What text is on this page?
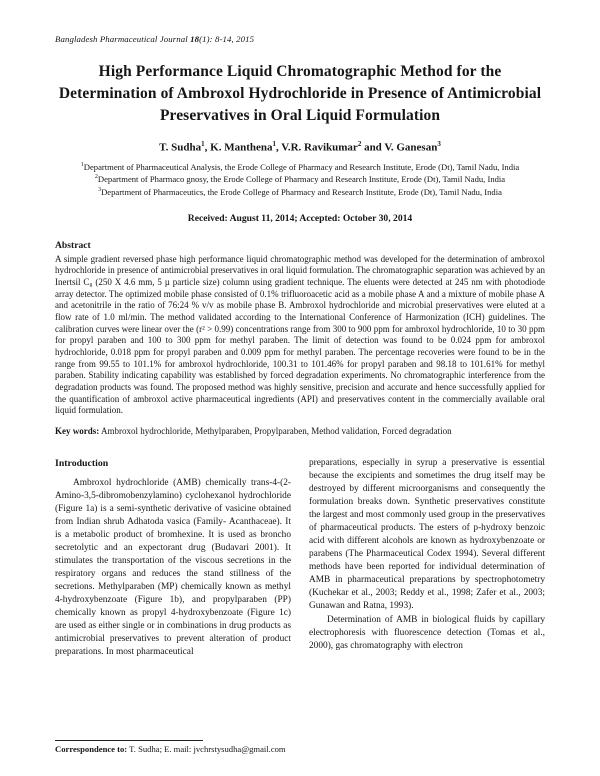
Bangladesh Pharmaceutical Journal 18(1): 8-14, 2015
High Performance Liquid Chromatographic Method for the Determination of Ambroxol Hydrochloride in Presence of Antimicrobial Preservatives in Oral Liquid Formulation
T. Sudha$^1$, K. Manthena$^1$, V.R. Ravikumar$^2$ and V. Ganesan$^3$
$^1$Department of Pharmaceutical Analysis, the Erode College of Pharmacy and Research Institute, Erode (Dt), Tamil Nadu, India
$^2$Department of Pharmaco gnosy, the Erode College of Pharmacy and Research Institute, Erode (Dt), Tamil Nadu, India
$^3$Department of Pharmaceutics, the Erode College of Pharmacy and Research Institute, Erode (Dt), Tamil Nadu, India
Received: August 11, 2014; Accepted: October 30, 2014
Abstract

A simple gradient reversed phase high performance liquid chromatographic method was developed for the determination of ambroxol hydrochloride in presence of antimicrobial preservatives in oral liquid formulation. The chromatographic separation was achieved by an Inertsil C₈ (250 X 4.6 mm, 5 µ particle size) column using gradient technique. The eluents were detected at 245 nm with photodiode array detector. The optimized mobile phase consisted of 0.1% trifluoroacetic acid as a mobile phase A and a mixture of mobile phase A and acetonitrile in the ratio of 76:24 % v/v as mobile phase B. Ambroxol hydrochloride and microbial preservatives were eluted at a flow rate of 1.0 ml/min. The method validated according to the International Conference of Harmonization (ICH) guidelines. The calibration curves were linear over the (r² > 0.99) concentrations range from 300 to 900 ppm for ambroxol hydrochloride, 10 to 30 ppm for propyl paraben and 100 to 300 ppm for methyl paraben. The limit of detection was found to be 0.024 ppm for ambroxol hydrochloride, 0.018 ppm for propyl paraben and 0.009 ppm for methyl paraben. The percentage recoveries were found to be in the range from 99.55 to 101.1% for ambroxol hydrochloride, 100.31 to 101.46% for propyl paraben and 98.18 to 101.61% for methyl paraben. Stability indicating capability was established by forced degradation experiments. No chromatographic interference from the degradation products was found. The proposed method was highly sensitive, precision and accurate and hence successfully applied for the quantification of ambroxol active pharmaceutical ingredients (API) and preservatives content in the commercially available oral liquid formulation.

Key words: Ambroxol hydrochloride, Methylparaben, Propylparaben, Method validation, Forced degradation

Introduction

Ambroxol hydrochloride (AMB) chemically trans-4-(2-Amino-3,5-dibromobenzylamino) cyclohexanol hydrochloride (Figure 1a) is a semi-synthetic derivative of vasicine obtained from Indian shrub Adhatoda vasica (Family- Acanthaceae). It is a metabolic product of bromhexine. It is used as broncho secretolytic and an expectorant drug (Budavari 2001). It stimulates the transportation of the viscous secretions in the respiratory organs and reduces the stand stillness of the secretions. Methylparaben (MP) chemically known as methyl 4-hydroxybenzoate (Figure 1b), and propylparaben (PP) chemically known as propyl 4-hydroxybenzoate (Figure 1c) are used as either single or in combinations in drug products as antimicrobial preservatives to prevent alteration of product preparations. In most pharmaceutical

preparations, especially in syrup a preservative is essential because the excipients and sometimes the drug itself may be destroyed by different microorganisms and consequently the formulation breaks down. Synthetic preservatives constitute the largest and most commonly used group in the preservatives of pharmaceutical products. The esters of p-hydroxy benzoic acid with different alcohols are known as hydroxybenzoate or parabens (The Pharmaceutical Codex 1994). Several different methods have been reported for individual determination of AMB in pharmaceutical preparations by spectrophotometry (Kuchekar et al., 2003; Reddy et al., 1998; Zafer et al., 2003; Gunawan and Ratna, 1993).

Determination of AMB in biological fluids by capillary electrophoresis with fluorescence detection (Tomas et al., 2000), gas chromatography with electron

Correspondence to: T. Sudha; E. mail: jvchrstysudha@gmail.com
